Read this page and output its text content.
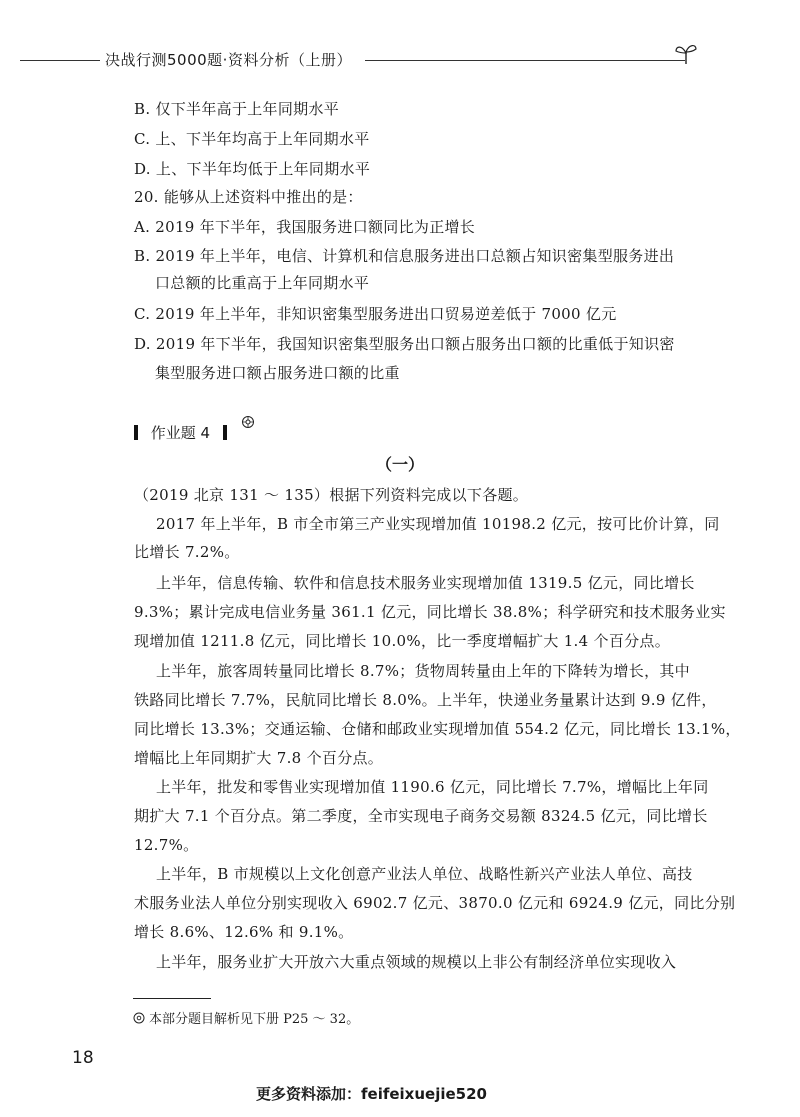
决战行测5000题·资料分析（上册）
B. 仅下半年高于上年同期水平
C. 上、下半年均高于上年同期水平
D. 上、下半年均低于上年同期水平
20. 能够从上述资料中推出的是：
A. 2019 年下半年，我国服务进口额同比为正增长
B. 2019 年上半年，电信、计算机和信息服务进出口总额占知识密集型服务进出
口总额的比重高于上年同期水平
C. 2019 年上半年，非知识密集型服务进出口贸易逆差低于 7000 亿元
D. 2019 年下半年，我国知识密集型服务出口额占服务出口额的比重低于知识密
集型服务进口额占服务进口额的比重
作业题 4
（一）
（2019 北京 131 ～ 135）根据下列资料完成以下各题。
2017 年上半年，B 市全市第三产业实现增加值 10198.2 亿元，按可比价计算，同
比增长 7.2%。
上半年，信息传输、软件和信息技术服务业实现增加值 1319.5 亿元，同比增长
9.3%；累计完成电信业务量 361.1 亿元，同比增长 38.8%；科学研究和技术服务业实
现增加值 1211.8 亿元，同比增长 10.0%，比一季度增幅扩大 1.4 个百分点。
上半年，旅客周转量同比增长 8.7%；货物周转量由上年的下降转为增长，其中
铁路同比增长 7.7%，民航同比增长 8.0%。上半年，快递业务量累计达到 9.9 亿件，
同比增长 13.3%；交通运输、仓储和邮政业实现增加值 554.2 亿元，同比增长 13.1%，
增幅比上年同期扩大 7.8 个百分点。
上半年，批发和零售业实现增加值 1190.6 亿元，同比增长 7.7%，增幅比上年同
期扩大 7.1 个百分点。第二季度，全市实现电子商务交易额 8324.5 亿元，同比增长
12.7%。
上半年，B 市规模以上文化创意产业法人单位、战略性新兴产业法人单位、高技
术服务业法人单位分别实现收入 6902.7 亿元、3870.0 亿元和 6924.9 亿元，同比分别
增长 8.6%、12.6% 和 9.1%。
上半年，服务业扩大开放六大重点领域的规模以上非公有制经济单位实现收入
本部分题目解析见下册 P25 ～ 32。
18
更多资料添加：feifeixuejie520
